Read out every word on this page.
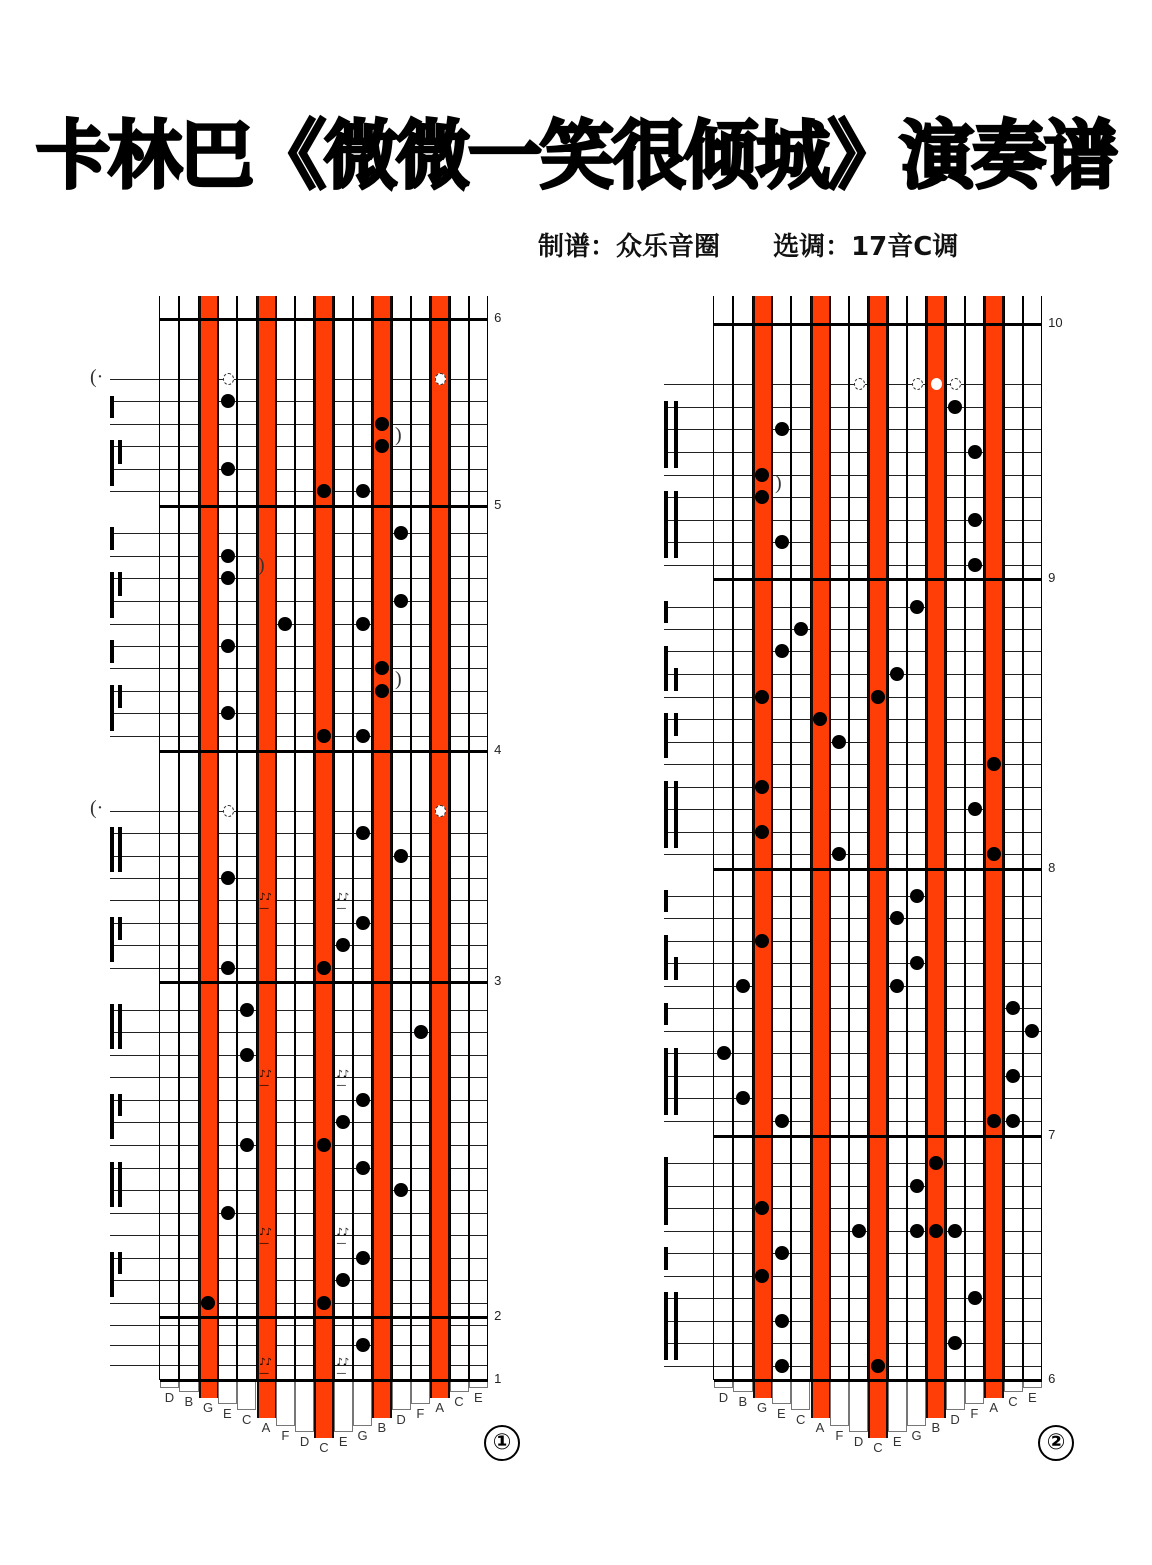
卡林巴《微微一笑很倾城》演奏谱
制谱：众乐音圈 选调：17音C调
6
5
4
3
2
1
D B G E C
A
F D C E G
B
D F A C E
♪♪—
♪♪—
♪♪—
♪♪—
♪♪—
♪♪—
♪♪—
♪♪—
(·
)
)
)
(·
①
10
9
8
7
6
D B G E C
A
F D C E G
B
D F A C E
)
②
